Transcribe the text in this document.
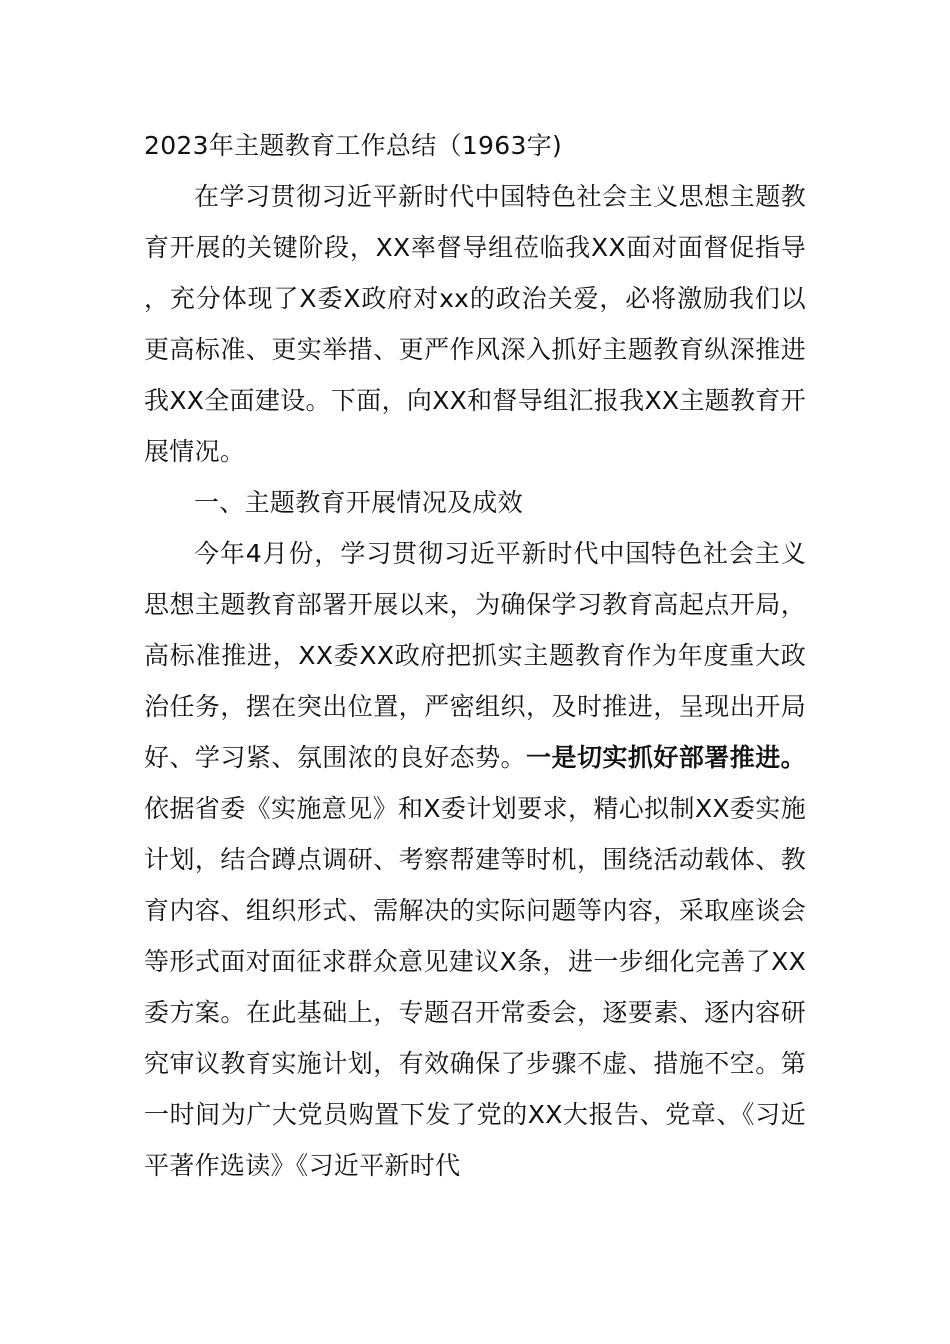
2023年主题教育工作总结（1963字)

在学习贯彻习近平新时代中国特色社会主义思想主题教育开展的关键阶段，XX率督导组莅临我XX面对面督促指导，充分体现了X委X政府对xx的政治关爱，必将激励我们以更高标准、更实举措、更严作风深入抓好主题教育纵深推进我XX全面建设。下面，向XX和督导组汇报我XX主题教育开展情况。

一、主题教育开展情况及成效

今年4月份，学习贯彻习近平新时代中国特色社会主义思想主题教育部署开展以来，为确保学习教育高起点开局，高标准推进，XX委XX政府把抓实主题教育作为年度重大政治任务，摆在突出位置，严密组织，及时推进，呈现出开局好、学习紧、氛围浓的良好态势。一是切实抓好部署推进。依据省委《实施意见》和X委计划要求，精心拟制XX委实施计划，结合蹲点调研、考察帮建等时机，围绕活动载体、教育内容、组织形式、需解决的实际问题等内容，采取座谈会等形式面对面征求群众意见建议X条，进一步细化完善了XX委方案。在此基础上，专题召开常委会，逐要素、逐内容研究审议教育实施计划，有效确保了步骤不虚、措施不空。第一时间为广大党员购置下发了党的XX大报告、党章、《习近平著作选读》《习近平新时代
